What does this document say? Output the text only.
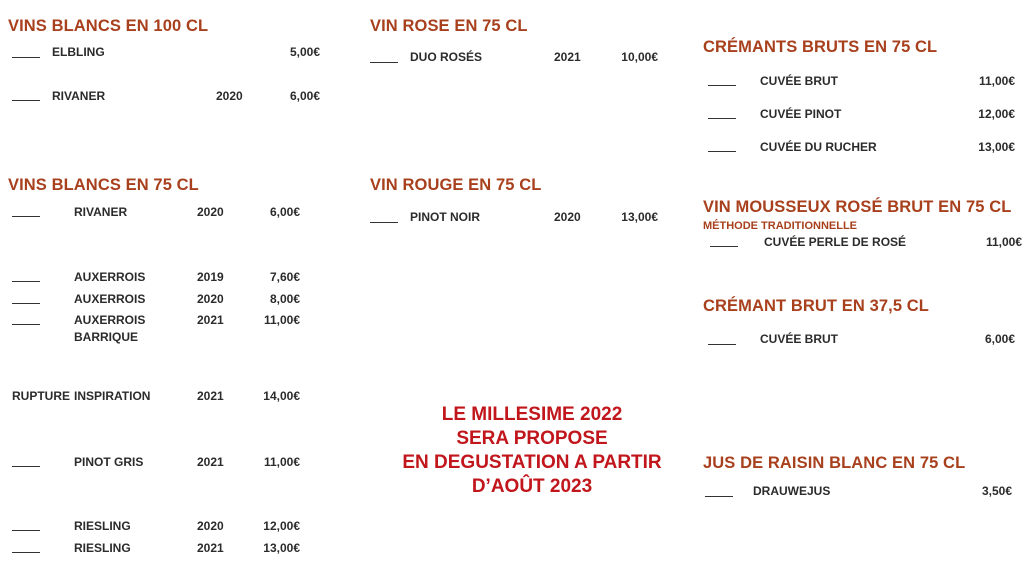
VINS BLANCS EN 100 CL
ELBLING	5,00€
RIVANER	2020	6,00€
VINS BLANCS EN 75 CL
RIVANER	2020	6,00€
AUXERROIS	2019	7,60€
AUXERROIS	2020	8,00€
AUXERROIS
BARRIQUE
2021	11,00€
RUPTURE INSPIRATION	2021	14,00€
PINOT GRIS	2021	11,00€
RIESLING	2020	12,00€
RIESLING	2021	13,00€
VIN ROSE EN 75 CL
DUO ROSÉS	2021	10,00€
VIN ROUGE EN 75 CL
PINOT NOIR	2020	13,00€
LE MILLESIME 2022
SERA PROPOSE
EN DEGUSTATION A PARTIR
D’AOÛT 2023
CRÉMANTS BRUTS EN 75 CL
CUVÉE BRUT	11,00€
CUVÉE PINOT	12,00€
CUVÉE DU RUCHER	13,00€
VIN MOUSSEUX ROSÉ BRUT EN 75 CL
MÉTHODE TRADITIONNELLE
CUVÉE PERLE DE ROSÉ	11,00€
CRÉMANT BRUT EN 37,5 CL
CUVÉE BRUT	6,00€
JUS DE RAISIN BLANC EN 75 CL
DRAUWEJUS	3,50€
